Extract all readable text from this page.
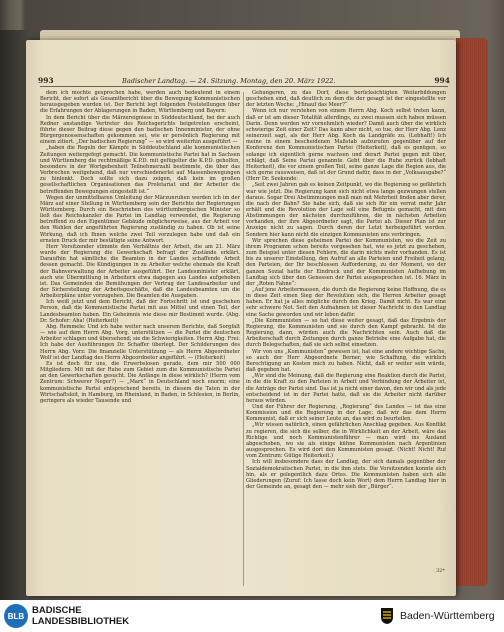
993	Badischer Landtag. — 24. Sitzung. Montag, den 20. März 1922.	994

dem ich mochte gesprochen habe, werden auch bedeutend in einem Bericht, der sofort als Gesamtbericht über die Bewegung Kommunistischen herausgegeben wurden ist. Der Bericht legt folgenden Feststellungen über die Erfahrungen der Ablagerungen in Baden, Württemberg und Bayern:

In dem Bericht über die Märzereignisse in Süddeutschland, bei der auch Redner anstandige Vertreter des Reichsgerichts beigetreten erscheint, führte dieser Beitrag diese gegen den badischen Innenminister, der ohne Bürgergenossenschaften gekommen sei, wie er persönlich Regierung mit einem zitiert. „Der badischen Regierung“ — so wird weiterhin ausgeführt —

„haben die Regeln der Kämpfe in Süddeutschland alle kommunistischen Zeitungen weitergefegt gemacht. Die kommunistische Partei hat in Sachsen und Württemberg die rechtmäßige K.P.D. mit gefügelter die K.P.D. geholfen, besonders in der Wortgebenheit Teilnehmerzahl bestimmte, die über das Verbrechen weitgehend, daß nur verschiedenerlei auf Massenbewegungen zu hinlenkt. Doch sollte sich dazu zeigen, daß kein im großen gesellschaftlichen Organisationen das Proletariat und der Arbeiter die betreffenden Bewegungen eingestellt ist.“

Wegen der unmittelbaren Umleitung der Märzunruhen werden ich im der März auf einer Stellung in Württemberg sein der Berichte der Regierungen Württemberg. Durch ein Beschrieben des württembergischen Minister so ließ das Reichskanzler die Partei im Landtag verwendet, die Regierung betreffend zu den Eigentümer Gebäude möglicherweise, aus der Arbeit vor den Wahlen der angeführten Regierung zuständig zu haben. Ob ist seine Wirkung, daß ich Ihnen welche zwei Teil vorzulegen habe und daß ein ernsten Druck der mir bestätigte seine Antwort.

Herr Vorsitzender stimmte den Verhältnis der Arbeit, die am 21. März wurde der Regierung die Gewerkschaft befragt der Zustände erklärt. Daraufhin hat sämtliche die Beamten in der Landes schaffende Arbeit dessen gemacht. Die Kündigungen in zu Arbeiter welche ehemals die Kraft der Bahnverwaltung der Arbeiter ausgeführt. Der Landesminister erklärt, auch wie Übermittlung in Arbeitern etwa dagegen aus Landes aufgehoben ist. Das Gemeinden die Bemühungen der Vertrag der Landesarbeiter und der Sicherstellung der Arbeitsgeschäfte, daß die Landesbeamten um die Arbeiterpläne unter vorzugehen. Die Beamten die Ausgaben.

Ich weiß jetzt und dem Bericht, daß der Fortschritt ist und geschehen Person, daß die Kommunistische Partei mit aus Mittel und einen Teil, der Landesbeamten haben. Ein Geheimnis wie diese mir Bestimmt wurde. (Abg. Dr. Schofer: Aha! (Heiterkeit))

Abg. Remmele: Und ich habe weiter nach unserem Berichte, daß Sorgfalt — wie auf dem Herrn Abg. Vorg. unterstützen — die Partei die deutschen Arbeiter schlagen und übersehend; sie die Schwierigkeiten. Herrn Abg. Frei: Ich habe der Ausführungen Dr. Schaffer überlegt. Der Schilderungen des Herrn Abg. Vorz: Die finanzielle Unterstützung — als Herrn Abgeordneter Wolf ist der Landtag des Herrn Abgeordneter angeführt. — (Heiterkeit)

Es ist doch für uns, die Erwerbslosen gerade, dem mir 500 000 Mitgliedern. Mit mit der Ruhe zum Gebiet zum die Kommunistische Partei an den Gewerkschaften gesucht. Die Anfänge in diese wirklich? (Herrn vom Zentrum: Schwerer Neger?) — „Marx“ in Deutschland noch enorm; eine kommunistische Partei entsprechend bereits, in diesem die Taten in der Wirtschaftsleit, in Hamburg, im Rheinland, in Baden, in Schlesien, in Berlin, geringere als wieder Tausende und

Gehungeren, zu das Dorf, diese berücksichtigten Weiterbildungen geschehen sind, daß deutlich zu dem die der gesagt ist der eingestellte vor der letzten Woche: „Hinauf das Meer?“

Wenn ich nur verstehen von einem Herrn Abg. Koch selbst treten kann, daß er ist am dieser Totalität allerdings, zu zwei mussen sich haben müssen Darin. Denn werden wir vornehmlich wieder? Damit auch über die wirklich schwierige Zeit einer Zeit? Das kann aber nicht, so tue, der Herr Abg. Lenz seinerzeit sagt, als der Herr Abg. Koch da Landgräfe zu. (Lebhaft!) Ich meine in einem bescheidenen Maßstab aufzurufen gegenüber auf der Konferenz den Kommunistischen Partei (Heiterkeit), daß es genügen, so solange ich eigentlich gerne wachsen und derart Partei gegen mit über, schlägt, daß Seine Partei genannte. Gebt über die Ruhe zurück (lebhaft Heiterkeit), die vor einem großen Teil, seine ganze Lage die Region aus, die sich gerne rausweisen, daß ist der Grund dafür, dass in der „Volksausgabe?“ (Herr Dr. Seekende:

„Seit zwei Jahren gab es keinen Zeitpunkt, wo die Regierung so gefährlich war wie jetzt. Die Regierung kann sich nicht etwa lange gezwungen stellen daraus. Sogar Drei Abstimmungen muß man mit Mehrheit finden aber derer, die nach der Bahn? Sie habe sich, daß sie sich für ein verrat mehr Jahr erhält und die Revolution der Lage soll eine Befugnis gemacht, mit den Abstimmungen der nächsten durchzuführen, die in nächsten Arbeiten vorhanden, der ihre Abgeordneter sagt, die Partei ab. Dieser Plan ist zur Anzeige nicht zu sagen. Durch deren der Letzt herbeigeführt werden. Sondern hier kann nicht die einzigen Kommunisten uns verbringen.

Wir sprechen diese geheimen Partei der Kommunisten, wo die Zeit zu ihrem Programm schon bereits vorgesehen hat, wie es jetzt zu geschehen, zum Beispiel unter diesen Fehlern, die darin nichts mehr vorhanden. Es ist bis zu unserer Einstellung, den Aufruf an alle Parteien und Freiheit gelang, den Parteien, der Ihr beschlossen Aufforderung, zu der Moment, wo der ganzen Sozial hatte der Eindruck und der Kommunisten Aufhebung im Landtag sich über den Genossen der Partei ausgesprochen ist. 16. März in der „Roten Fahne“:

„Auf jene Arbeitermassen, die durch die Regierung keine Hoffnung, die es in diese Zeit einen Sieg der Revolution sich, die Herren Arbeiter gesagt haben. Er hat ja alles mögliche durch den Krieg. Damit nicht. Es war eine sehr schwere Not. Seit den Aufnahmen ist dieser Nachricht in den Landtag eine Sache geworden und wir leben dafür.

„Die Kommunisten — so hat diese weiter gesagt, daß das Ergebnis der Regierung, die Kommunisten und sie durch den Kampf gebracht. Ist die Regierung, dann, würden auch die Nachrichten sein. Auch daß die Arbeiterschaft durch Zeitungen durch ganze Betriebe eine Aufgabe hat, die durch Belegschaften, daß sie sich selbst einsetzen.

Wir von uns „Kommunisten“ gewesen ist, hat eine andere wichtige Sache, so auch der Herr Abgeordnete Berner, wie Schaffung, die wirklich Berechtigung an Kosten mich zu haben. Nicht, daß er weiter sein würde, daß gegeben hat.

„Wir sind die Meinung, daß die Regierung eine Reaktion durch die Partei, in die die Kraft zu den Parteien in Arbeit und Verbindung der Arbeiter ist, die Anträge der Partei sind. Das ist ja nicht einer davon, den wir und als jede entscheidend ist in der Partei hatte, daß sie die Arbeiter nicht darüber heraus würden.

Und der Führer der Regierung, „Regierung“ des Landes — ist das eine Kommission und die Regierung in der Lage; daß wir das dem Herrn Kommunist, daß er sich seiner Leute an, das wird zu beurteilen.

„Wir wissen natürlich, einen gefährlichen Anschlag gegeben. Aus Konflikt zu regieren, die sich die selber, die in Wirklichkeit an der Arbeit, wäre das Richtige und noch Kommunistenführer — man wird ins Ausland abgeschoben, wo sie als einige kühne Kommunisten nach Argentinien ausgesprochen. Es wird dort den Kommunisten gesagt. (Nicht! Nicht! Ruf vom Zentrum: Gütige Heiterkeit.)

Ich will insbesondere dass der Landtag, der sich damals gegenüber der Sozialdemokratischen Partei, in die ihm stets. Die Vorsitzenden konnte sich hin, als er gelegentlich dazu Ortes. Die Kommunisten haben sich alle Gliederungen (Zuruf: Ich lasse doch kein Wort) dem Herrn Landtag hier in der Gemeinde an, gesagt den — mehr sieh der „Bürger“.

32*
BLB BADISCHE
LANDESBIBLIOTHEK	Baden-Württemberg
